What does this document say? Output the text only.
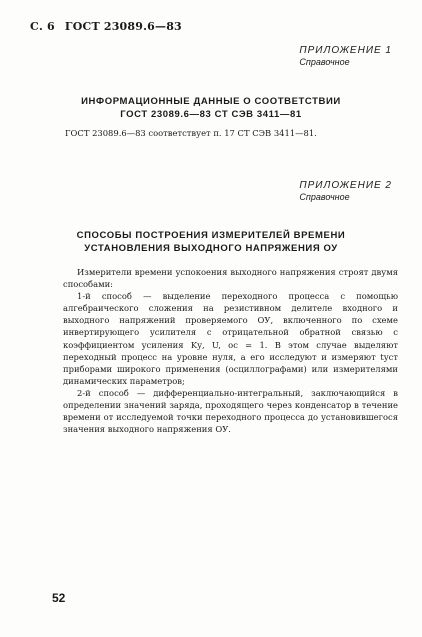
С. 6 ГОСТ 23089.6—83
ПРИЛОЖЕНИЕ 1
Справочное
ИНФОРМАЦИОННЫЕ ДАННЫЕ О СООТВЕТСТВИИ
ГОСТ 23089.6—83 СТ СЭВ 3411—81
ГОСТ 23089.6—83 соответствует п. 17 СТ СЭВ 3411—81.
ПРИЛОЖЕНИЕ 2
Справочное
СПОСОБЫ ПОСТРОЕНИЯ ИЗМЕРИТЕЛЕЙ ВРЕМЕНИ
УСТАНОВЛЕНИЯ ВЫХОДНОГО НАПРЯЖЕНИЯ ОУ

Измерители времени успокоения выходного напряжения строят двумя способами:

1-й способ — выделение переходного процесса с помощью алгебраического сложения на резистивном делителе входного и выходного напряжений проверяемого ОУ, включенного по схеме инвертирующего усилителя с отрицательной обратной связью с коэффициентом усиления Kу, U, ос = 1. В этом случае выделяют переходный процесс на уровне нуля, а его исследуют и измеряют tуст приборами широкого применения (осциллографами) или измерителями динамических параметров;

2-й способ — дифференциально-интегральный, заключающийся в определении значений заряда, проходящего через конденсатор в течение времени от исследуемой точки переходного процесса до установившегося значения выходного напряжения ОУ.

52
